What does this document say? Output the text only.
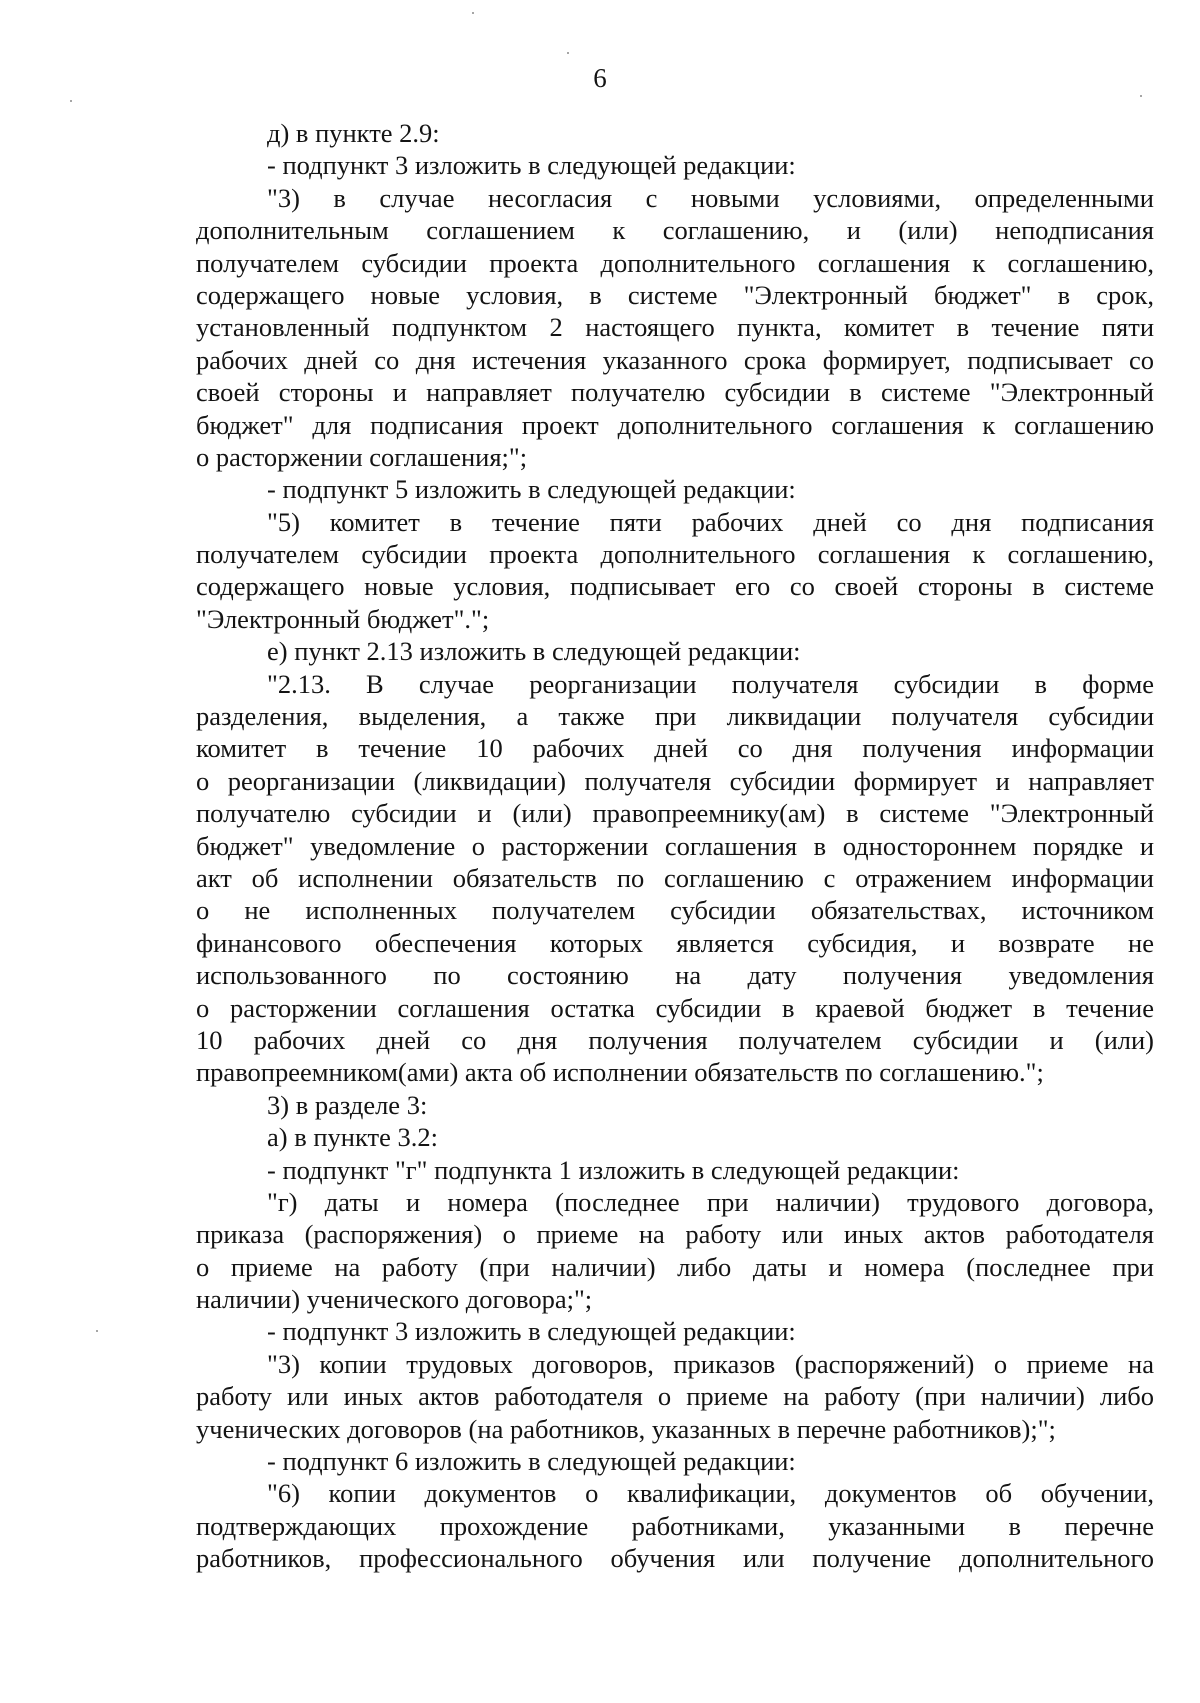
6
д) в пункте 2.9:
- подпункт 3 изложить в следующей редакции:
"3) в случае несогласия с новыми условиями, определенными
дополнительным соглашением к соглашению, и (или) неподписания
получателем субсидии проекта дополнительного соглашения к соглашению,
содержащего новые условия, в системе "Электронный бюджет" в срок,
установленный подпунктом 2 настоящего пункта, комитет в течение пяти
рабочих дней со дня истечения указанного срока формирует, подписывает со
своей стороны и направляет получателю субсидии в системе "Электронный
бюджет" для подписания проект дополнительного соглашения к соглашению
о расторжении соглашения;";
- подпункт 5 изложить в следующей редакции:
"5) комитет в течение пяти рабочих дней со дня подписания
получателем субсидии проекта дополнительного соглашения к соглашению,
содержащего новые условия, подписывает его со своей стороны в системе
"Электронный бюджет".";
е) пункт 2.13 изложить в следующей редакции:
"2.13. В случае реорганизации получателя субсидии в форме
разделения, выделения, а также при ликвидации получателя субсидии
комитет в течение 10 рабочих дней со дня получения информации
о реорганизации (ликвидации) получателя субсидии формирует и направляет
получателю субсидии и (или) правопреемнику(ам) в системе "Электронный
бюджет" уведомление о расторжении соглашения в одностороннем порядке и
акт об исполнении обязательств по соглашению с отражением информации
о не исполненных получателем субсидии обязательствах, источником
финансового обеспечения которых является субсидия, и возврате не
использованного по состоянию на дату получения уведомления
о расторжении соглашения остатка субсидии в краевой бюджет в течение
10 рабочих дней со дня получения получателем субсидии и (или)
правопреемником(ами) акта об исполнении обязательств по соглашению.";
3) в разделе 3:
а) в пункте 3.2:
- подпункт "г" подпункта 1 изложить в следующей редакции:
"г) даты и номера (последнее при наличии) трудового договора,
приказа (распоряжения) о приеме на работу или иных актов работодателя
о приеме на работу (при наличии) либо даты и номера (последнее при
наличии) ученического договора;";
- подпункт 3 изложить в следующей редакции:
"3) копии трудовых договоров, приказов (распоряжений) о приеме на
работу или иных актов работодателя о приеме на работу (при наличии) либо
ученических договоров (на работников, указанных в перечне работников);";
- подпункт 6 изложить в следующей редакции:
"6) копии документов о квалификации, документов об обучении,
подтверждающих прохождение работниками, указанными в перечне
работников, профессионального обучения или получение дополнительного
